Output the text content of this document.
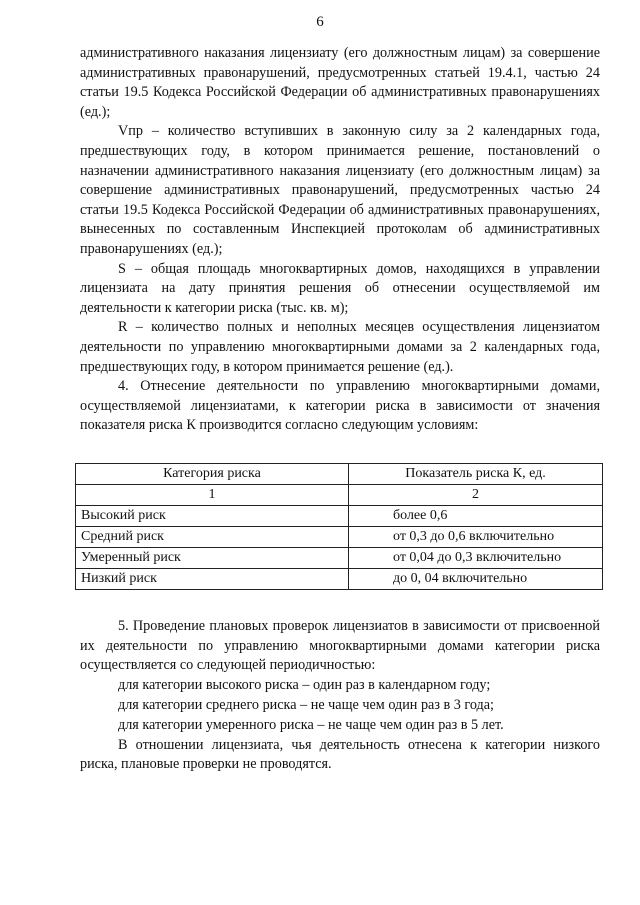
6

административного наказания лицензиату (его должностным лицам) за совершение административных правонарушений, предусмотренных статьей 19.4.1, частью 24 статьи 19.5 Кодекса Российской Федерации об административных правонарушениях (ед.);

Vпр – количество вступивших в законную силу за 2 календарных года, предшествующих году, в котором принимается решение, постановлений о назначении административного наказания лицензиату (его должностным лицам) за совершение административных правонарушений, предусмотренных частью 24 статьи 19.5 Кодекса Российской Федерации об административных правонарушениях, вынесенных по составленным Инспекцией протоколам об административных правонарушениях (ед.);

S – общая площадь многоквартирных домов, находящихся в управлении лицензиата на дату принятия решения об отнесении осуществляемой им деятельности к категории риска (тыс. кв. м);

R – количество полных и неполных месяцев осуществления лицензиатом деятельности по управлению многоквартирными домами за 2 календарных года, предшествующих году, в котором принимается решение (ед.).

4. Отнесение деятельности по управлению многоквартирными домами, осуществляемой лицензиатами, к категории риска в зависимости от значения показателя риска К производится согласно следующим условиям:

Категория риска	Показатель риска К, ед.
1	2
Высокий риск	более 0,6
Средний риск	от 0,3 до 0,6 включительно
Умеренный риск	от 0,04 до 0,3 включительно
Низкий риск	до 0, 04 включительно

5. Проведение плановых проверок лицензиатов в зависимости от присвоенной их деятельности по управлению многоквартирными домами категории риска осуществляется со следующей периодичностью:

для категории высокого риска – один раз в календарном году;

для категории среднего риска – не чаще чем один раз в 3 года;

для категории умеренного риска – не чаще чем один раз в 5 лет.

В отношении лицензиата, чья деятельность отнесена к категории низкого риска, плановые проверки не проводятся.
